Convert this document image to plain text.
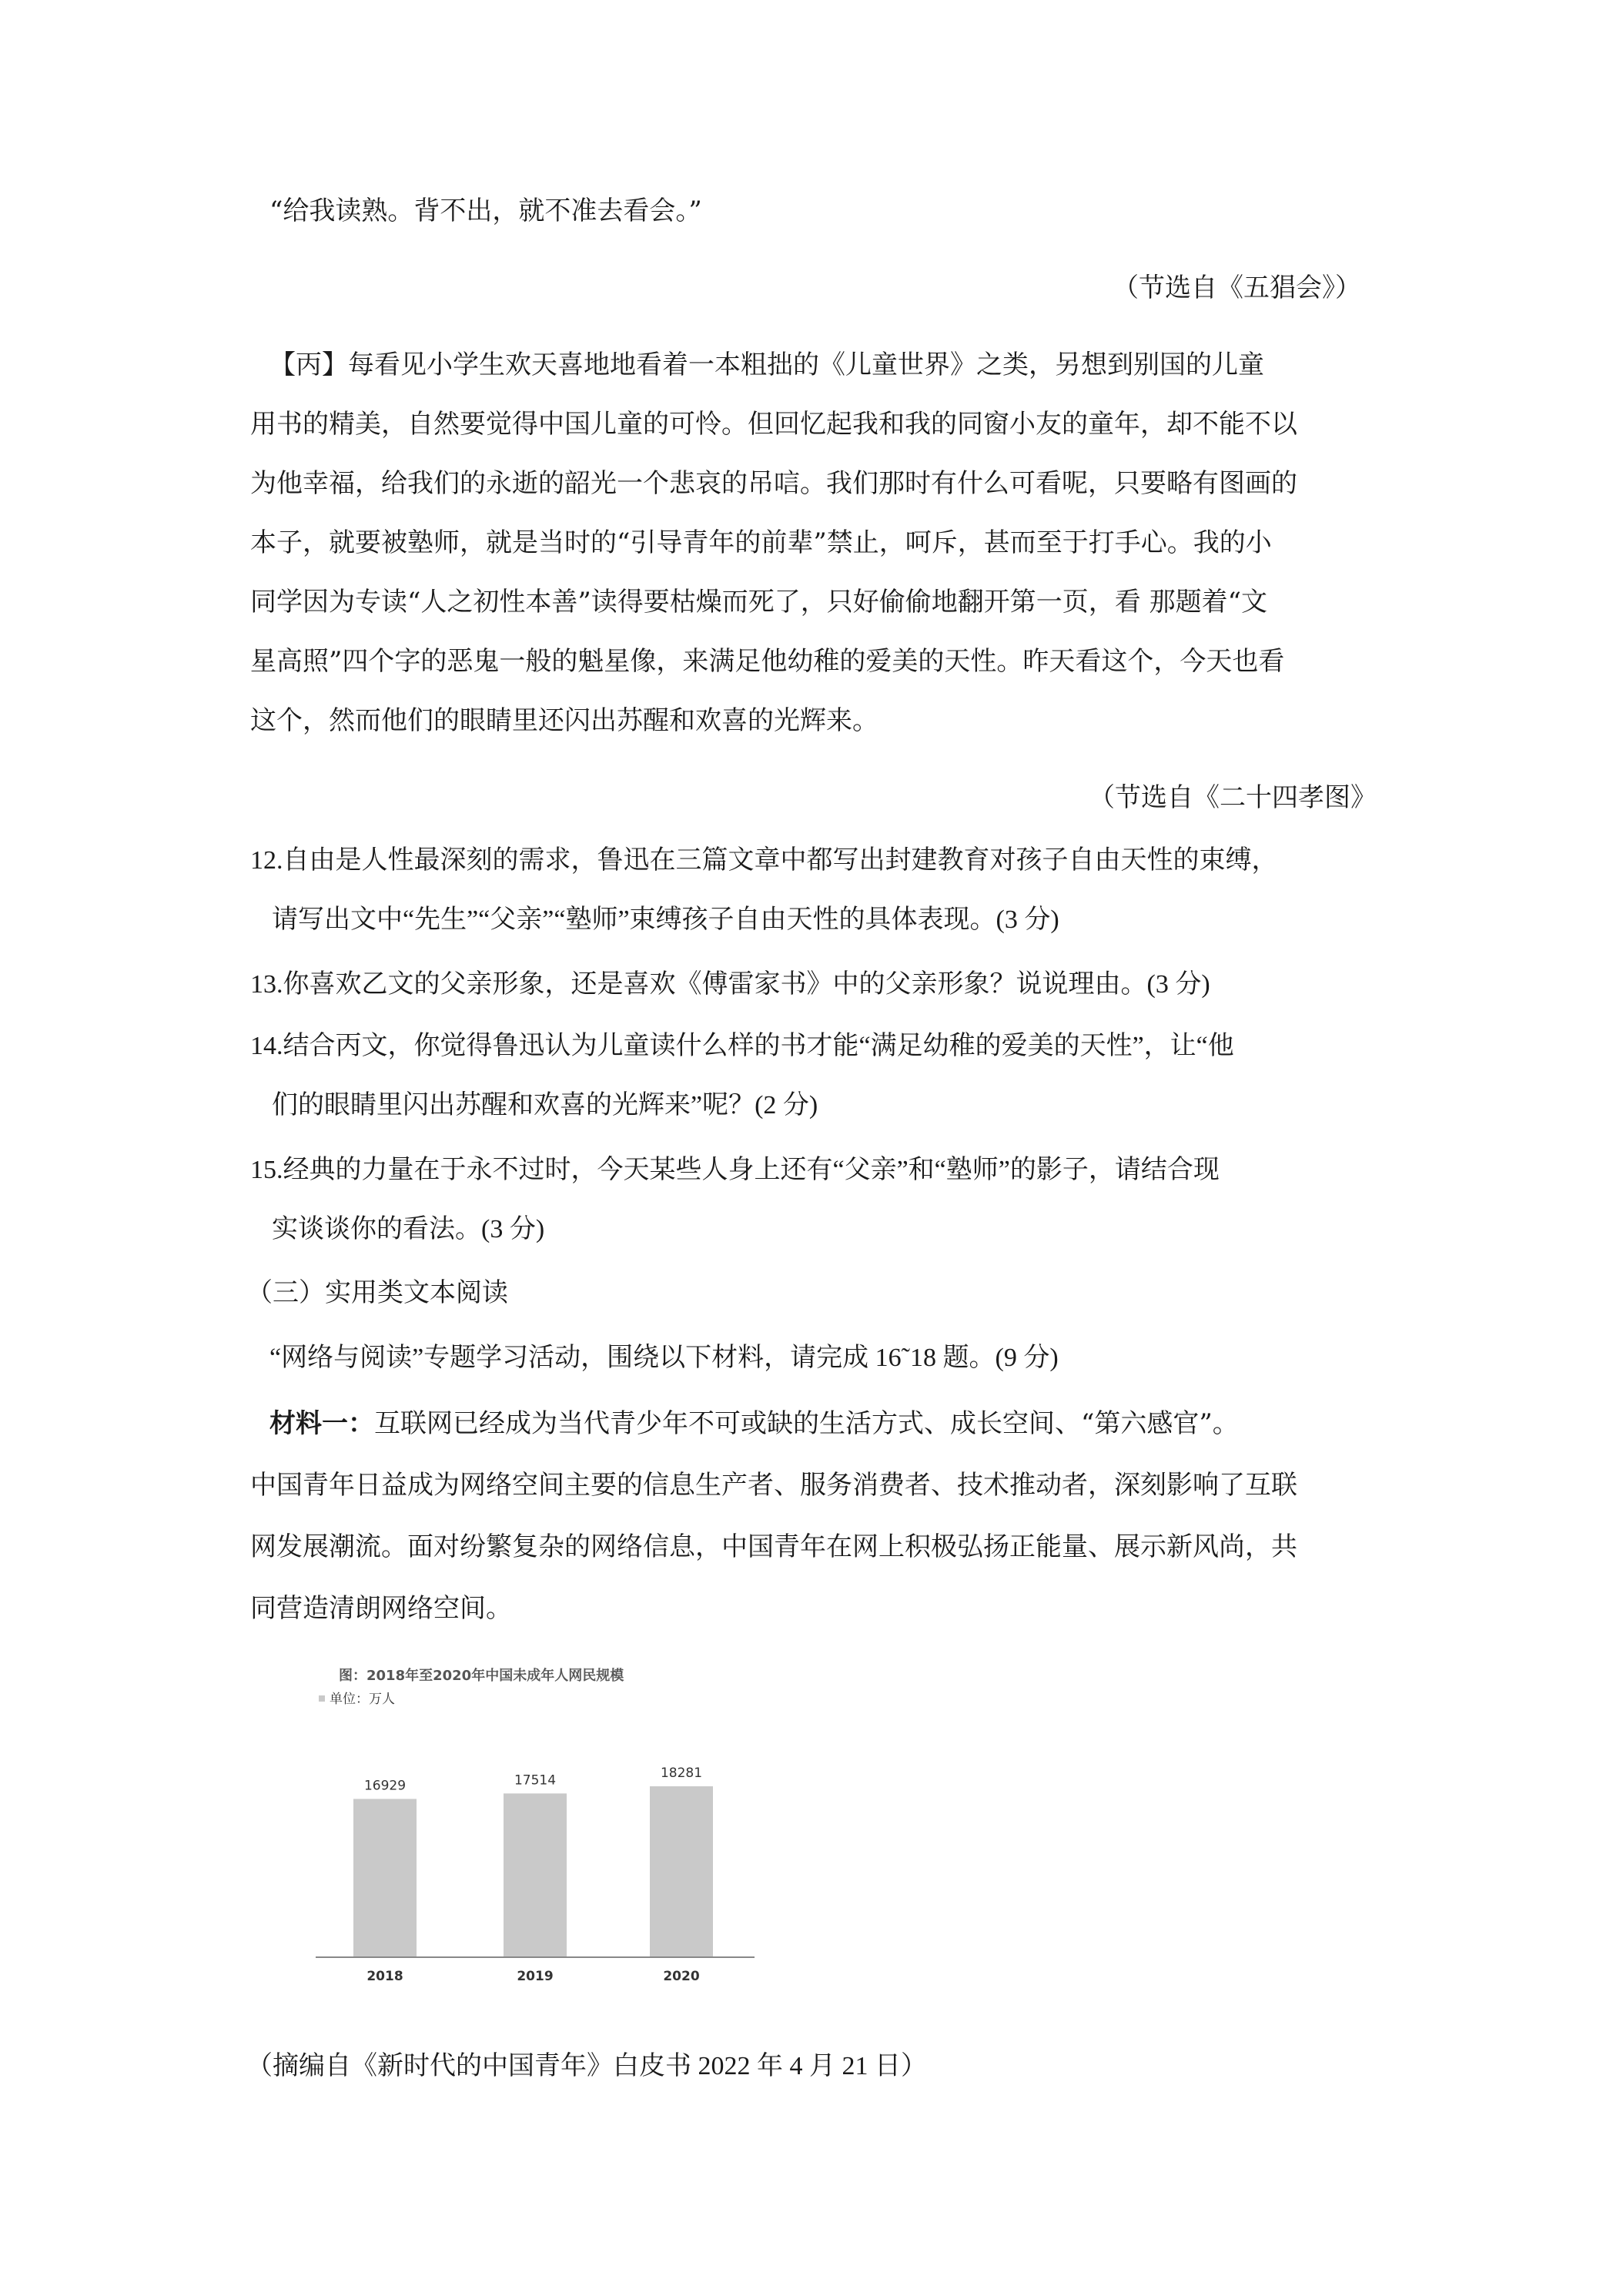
“给我读熟。背不出，就不准去看会。”
（节选自《五猖会》）
【丙】每看见小学生欢天喜地地看着一本粗拙的《儿童世界》之类，另想到别国的儿童
用书的精美，自然要觉得中国儿童的可怜。但回忆起我和我的同窗小友的童年，却不能不以
为他幸福，给我们的永逝的韶光一个悲哀的吊唁。我们那时有什么可看呢，只要略有图画的
本子，就要被塾师，就是当时的“引导青年的前辈”禁止，呵斥，甚而至于打手心。我的小
同学因为专读“人之初性本善”读得要枯燥而死了，只好偷偷地翻开第一页，看 那题着“文
星高照”四个字的恶鬼一般的魁星像，来满足他幼稚的爱美的天性。昨天看这个，今天也看
这个，然而他们的眼睛里还闪出苏醒和欢喜的光辉来。
（节选自《二十四孝图》
12.自由是人性最深刻的需求，鲁迅在三篇文章中都写出封建教育对孩子自由天性的束缚，
请写出文中“先生”“父亲”“塾师”束缚孩子自由天性的具体表现。(3 分)
13.你喜欢乙文的父亲形象，还是喜欢《傅雷家书》中的父亲形象？说说理由。(3 分)
14.结合丙文，你觉得鲁迅认为儿童读什么样的书才能“满足幼稚的爱美的天性”，让“他
们的眼睛里闪出苏醒和欢喜的光辉来”呢？(2 分)
15.经典的力量在于永不过时，今天某些人身上还有“父亲”和“塾师”的影子，请结合现
实谈谈你的看法。(3 分)
（三）实用类文本阅读
“网络与阅读”专题学习活动，围绕以下材料，请完成 16˜18 题。(9 分)
材料一：互联网已经成为当代青少年不可或缺的生活方式、成长空间、“第六感官”。
中国青年日益成为网络空间主要的信息生产者、服务消费者、技术推动者，深刻影响了互联
网发展潮流。面对纷繁复杂的网络信息，中国青年在网上积极弘扬正能量、展示新风尚，共
同营造清朗网络空间。
图：2018年至2020年中国未成年人网民规模
单位：万人
16929
2018
17514
2019
18281
2020
（摘编自《新时代的中国青年》白皮书 2022 年 4 月 21 日）
